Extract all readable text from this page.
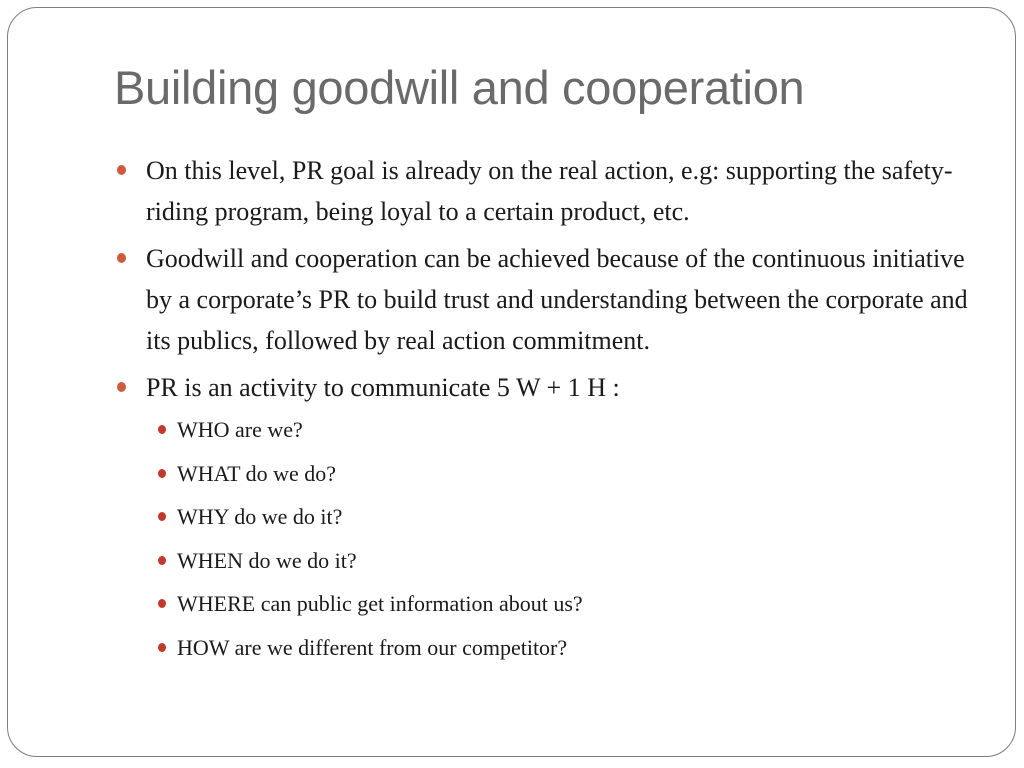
Building goodwill and cooperation
On this level, PR goal is already on the real action, e.g: supporting the safety-riding program, being loyal to a certain product, etc.
Goodwill and cooperation can be achieved because of the continuous initiative by a corporate’s PR to build trust and understanding between the corporate and its publics, followed by real action commitment.
PR is an activity to communicate 5 W + 1 H :
WHO are we?
WHAT do we do?
WHY do we do it?
WHEN do we do it?
WHERE can public get information about us?
HOW are we different from our competitor?
